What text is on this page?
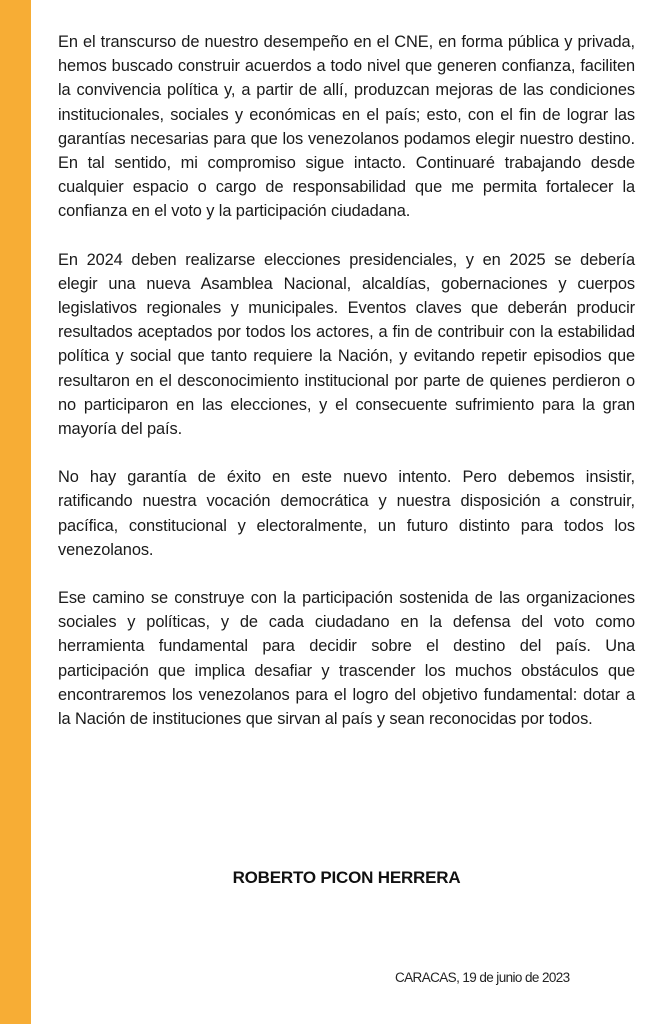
En el transcurso de nuestro desempeño en el CNE, en forma pública y privada, hemos buscado construir acuerdos a todo nivel que generen confianza, faciliten la convivencia política y, a partir de allí, produzcan mejoras de las condiciones institucionales, sociales y económicas en el país; esto, con el fin de lograr las garantías necesarias para que los venezolanos podamos elegir nuestro destino. En tal sentido, mi compromiso sigue intacto. Continuaré trabajando desde cualquier espacio o cargo de responsabilidad que me permita fortalecer la confianza en el voto y la participación ciudadana.

En 2024 deben realizarse elecciones presidenciales, y en 2025 se debería elegir una nueva Asamblea Nacional, alcaldías, gobernaciones y cuerpos legislativos regionales y municipales. Eventos claves que deberán producir resultados aceptados por todos los actores, a fin de contribuir con la estabilidad política y social que tanto requiere la Nación, y evitando repetir episodios que resultaron en el desconocimiento institucional por parte de quienes perdieron o no participaron en las elecciones, y el consecuente sufrimiento para la gran mayoría del país.

No hay garantía de éxito en este nuevo intento. Pero debemos insistir, ratificando nuestra vocación democrática y nuestra disposición a construir, pacífica, constitucional y electoralmente, un futuro distinto para todos los venezolanos.

Ese camino se construye con la participación sostenida de las organizaciones sociales y políticas, y de cada ciudadano en la defensa del voto como herramienta fundamental para decidir sobre el destino del país. Una participación que implica desafiar y trascender los muchos obstáculos que encontraremos los venezolanos para el logro del objetivo fundamental: dotar a la Nación de instituciones que sirvan al país y sean reconocidas por todos.

ROBERTO PICON HERRERA
CARACAS, 19 de junio de 2023
